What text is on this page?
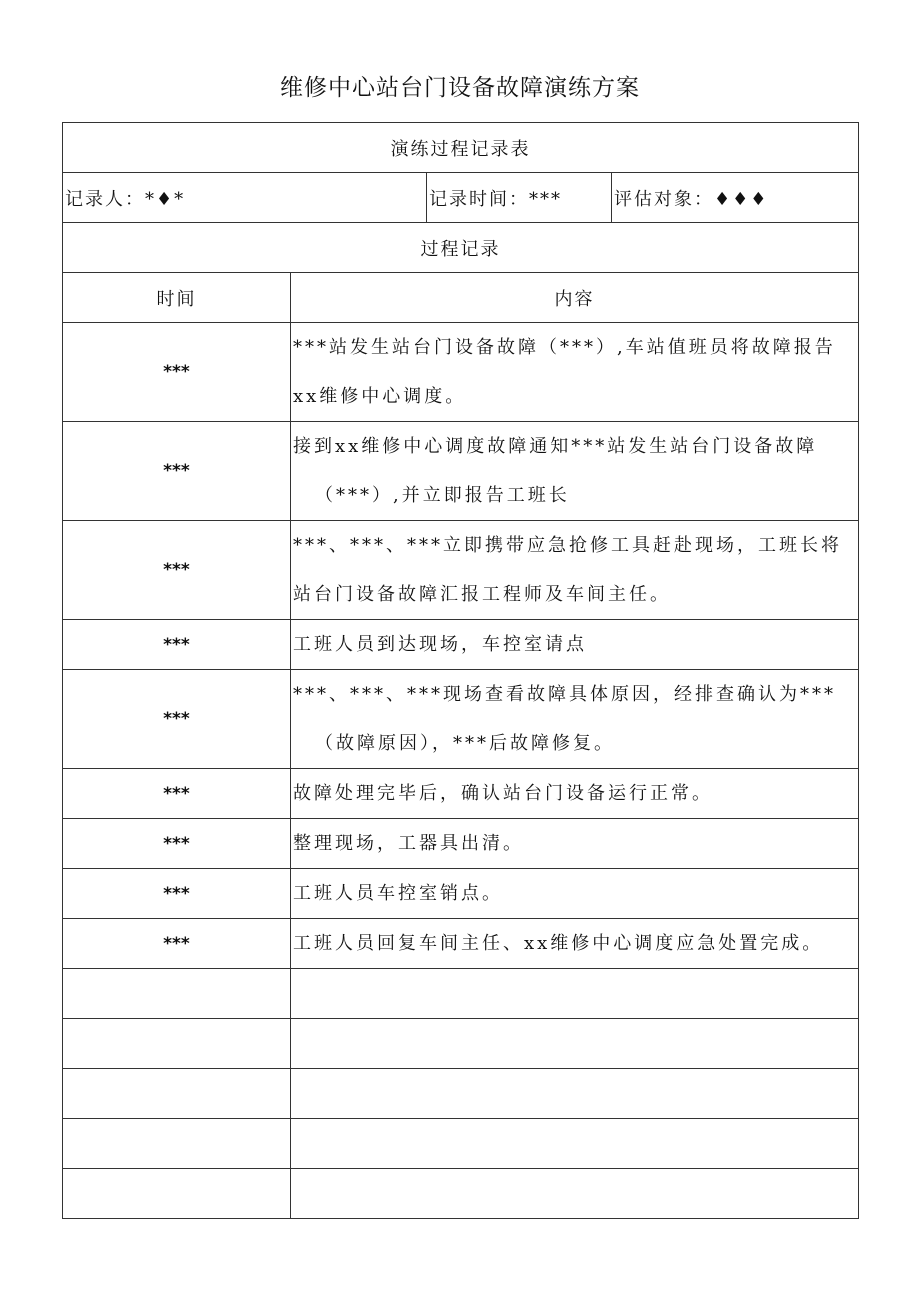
维修中心站台门设备故障演练方案
演练过程记录表			
记录人：*♦*		记录时间：***	评估对象：♦♦♦
过程记录			
时间	内容		
***	***站发生站台门设备故障（***）,车站值班员将故障报告
xx维修中心调度。		
***	接到xx维修中心调度故障通知***站发生站台门设备故障
（***）,并立即报告工班长		
***	***、***、***立即携带应急抢修工具赶赴现场，工班长将
站台门设备故障汇报工程师及车间主任。		
***	工班人员到达现场，车控室请点		
***	***、***、***现场查看故障具体原因，经排查确认为***
（故障原因），***后故障修复。		
***	故障处理完毕后，确认站台门设备运行正常。		
***	整理现场，工器具出清。		
***	工班人员车控室销点。		
***	工班人员回复车间主任、xx维修中心调度应急处置完成。		
